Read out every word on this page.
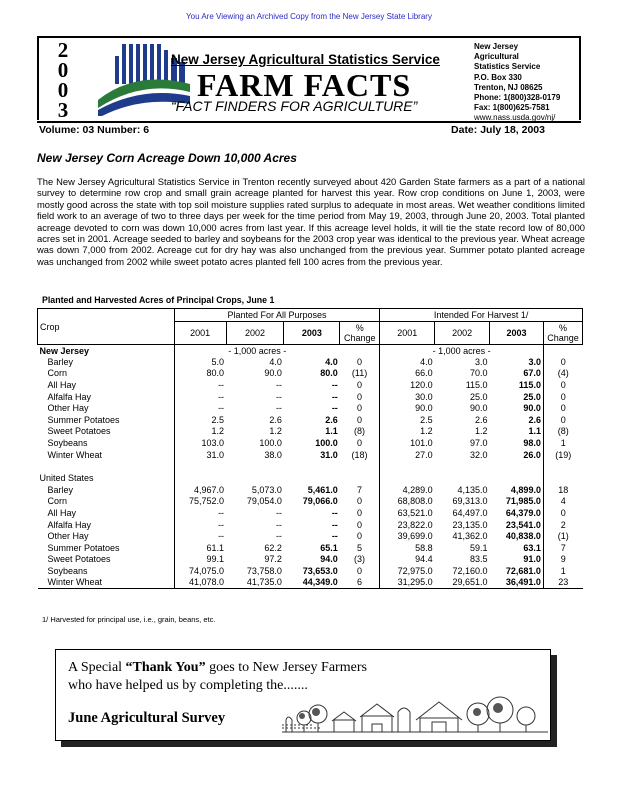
You Are Viewing an Archived Copy from the New Jersey State Library
2
0
0
3
New Jersey Agricultural Statistics Service
FARM FACTS
“FACT FINDERS FOR AGRICULTURE”
New Jersey
Agricultural
Statistics Service
P.O. Box 330
Trenton, NJ 08625
Phone: 1(800)328-0179
Fax: 1(800)625-7581
www.nass.usda.gov/nj/
Volume: 03 Number: 6	Date: July 18, 2003
New Jersey Corn Acreage Down 10,000 Acres
The New Jersey Agricultural Statistics Service in Trenton recently surveyed about 420 Garden State farmers as a part of a national survey to determine row crop and small grain acreage planted for harvest this year. Row crop conditions on June 1, 2003, were mostly good across the state with top soil moisture supplies rated surplus to adequate in most areas. Wet weather conditions limited field work to an average of two to three days per week for the time period from May 19, 2003, through June 20, 2003. Total planted acreage devoted to corn was down 10,000 acres from last year. If this acreage level holds, it will tie the state record low of 80,000 acres set in 2001. Acreage seeded to barley and soybeans for the 2003 crop year was identical to the previous year. Wheat acreage was down 7,000 from 2002. Acreage cut for dry hay was also unchanged from the previous year. Summer potato planted acreage was unchanged from 2002 while sweet potato acres planted fell 100 acres from the previous year.
Planted and Harvested Acres of Principal Crops, June 1
Crop	Planted For All Purposes				Intended For Harvest 1/			
	2001	2002	2003	% Change	2001	2002	2003	% Change
New Jersey	- 1,000 acres -				- 1,000 acres -			
Barley	5.0	4.0	4.0	0	4.0	3.0	3.0	0
Corn	80.0	90.0	80.0	(11)	66.0	70.0	67.0	(4)
All Hay	--	--	--	0	120.0	115.0	115.0	0
Alfalfa Hay	--	--	--	0	30.0	25.0	25.0	0
Other Hay	--	--	--	0	90.0	90.0	90.0	0
Summer Potatoes	2.5	2.6	2.6	0	2.5	2.6	2.6	0
Sweet Potatoes	1.2	1.2	1.1	(8)	1.2	1.2	1.1	(8)
Soybeans	103.0	100.0	100.0	0	101.0	97.0	98.0	1
Winter Wheat	31.0	38.0	31.0	(18)	27.0	32.0	26.0	(19)

United States								
Barley	4,967.0	5,073.0	5,461.0	7	4,289.0	4,135.0	4,899.0	18
Corn	75,752.0	79,054.0	79,066.0	0	68,808.0	69,313.0	71,985.0	4
All Hay	--	--	--	0	63,521.0	64,497.0	64,379.0	0
Alfalfa Hay	--	--	--	0	23,822.0	23,135.0	23,541.0	2
Other Hay	--	--	--	0	39,699.0	41,362.0	40,838.0	(1)
Summer Potatoes	61.1	62.2	65.1	5	58.8	59.1	63.1	7
Sweet Potatoes	99.1	97.2	94.0	(3)	94.4	83.5	91.0	9
Soybeans	74,075.0	73,758.0	73,653.0	0	72,975.0	72,160.0	72,681.0	1
Winter Wheat	41,078.0	41,735.0	44,349.0	6	31,295.0	29,651.0	36,491.0	23
1/ Harvested for principal use, i.e., grain, beans, etc.
A Special “Thank You” goes to New Jersey Farmers
who have helped us by completing the.......
June Agricultural Survey
